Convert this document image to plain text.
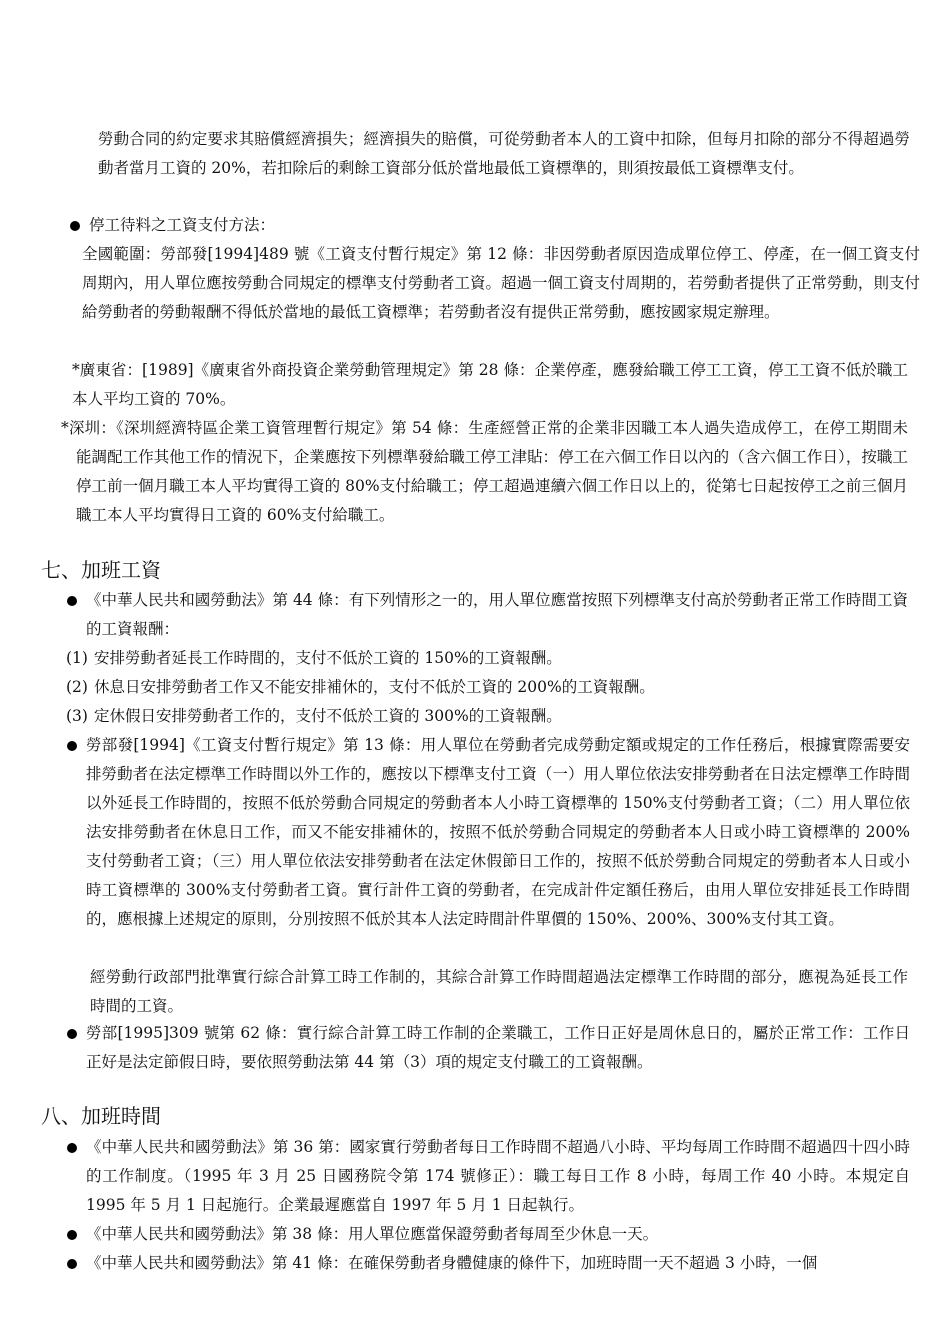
勞動合同的約定要求其賠償經濟損失；經濟損失的賠償，可從勞動者本人的工資中扣除，但每月扣除的部分不得超過勞動者當月工資的 20%，若扣除后的剩餘工資部分低於當地最低工資標準的，則須按最低工資標準支付。

停工待料之工資支付方法：

全國範圍：勞部發[1994]489 號《工資支付暫行規定》第 12 條：非因勞動者原因造成單位停工、停產，在一個工資支付周期內，用人單位應按勞動合同規定的標準支付勞動者工資。超過一個工資支付周期的，若勞動者提供了正常勞動，則支付給勞動者的勞動報酬不得低於當地的最低工資標準；若勞動者沒有提供正常勞動，應按國家規定辦理。

*廣東省：[1989]《廣東省外商投資企業勞動管理規定》第 28 條：企業停產，應發給職工停工工資，停工工資不低於職工本人平均工資的 70%。

*深圳：《深圳經濟特區企業工資管理暫行規定》第 54 條：生產經營正常的企業非因職工本人過失造成停工，在停工期間未能調配工作其他工作的情況下，企業應按下列標準發給職工停工津貼：停工在六個工作日以內的（含六個工作日），按職工停工前一個月職工本人平均實得工資的 80%支付給職工；停工超過連續六個工作日以上的，從第七日起按停工之前三個月職工本人平均實得日工資的 60%支付給職工。

七、加班工資

《中華人民共和國勞動法》第 44 條：有下列情形之一的，用人單位應當按照下列標準支付高於勞動者正常工作時間工資的工資報酬：

(1) 安排勞動者延長工作時間的，支付不低於工資的 150%的工資報酬。

(2) 休息日安排勞動者工作又不能安排補休的，支付不低於工資的 200%的工資報酬。

(3) 定休假日安排勞動者工作的，支付不低於工資的 300%的工資報酬。

勞部發[1994]《工資支付暫行規定》第 13 條：用人單位在勞動者完成勞動定額或規定的工作任務后，根據實際需要安排勞動者在法定標準工作時間以外工作的，應按以下標準支付工資（一）用人單位依法安排勞動者在日法定標準工作時間以外延長工作時間的，按照不低於勞動合同規定的勞動者本人小時工資標準的 150%支付勞動者工資；（二）用人單位依法安排勞動者在休息日工作，而又不能安排補休的，按照不低於勞動合同規定的勞動者本人日或小時工資標準的 200%支付勞動者工資；（三）用人單位依法安排勞動者在法定休假節日工作的，按照不低於勞動合同規定的勞動者本人日或小時工資標準的 300%支付勞動者工資。實行計件工資的勞動者，在完成計件定額任務后，由用人單位安排延長工作時間的，應根據上述規定的原則，分別按照不低於其本人法定時間計件單價的 150%、200%、300%支付其工資。

經勞動行政部門批準實行綜合計算工時工作制的，其綜合計算工作時間超過法定標準工作時間的部分，應視為延長工作時間的工資。

勞部[1995]309 號第 62 條：實行綜合計算工時工作制的企業職工，工作日正好是周休息日的，屬於正常工作：工作日正好是法定節假日時，要依照勞動法第 44 第（3）項的規定支付職工的工資報酬。

八、加班時間

《中華人民共和國勞動法》第 36 第：國家實行勞動者每日工作時間不超過八小時、平均每周工作時間不超過四十四小時的工作制度。（1995 年 3 月 25 日國務院令第 174 號修正）：職工每日工作 8 小時，每周工作 40 小時。本規定自 1995 年 5 月 1 日起施行。企業最遲應當自 1997 年 5 月 1 日起執行。

《中華人民共和國勞動法》第 38 條：用人單位應當保證勞動者每周至少休息一天。

《中華人民共和國勞動法》第 41 條：在確保勞動者身體健康的條件下，加班時間一天不超過 3 小時，一個
